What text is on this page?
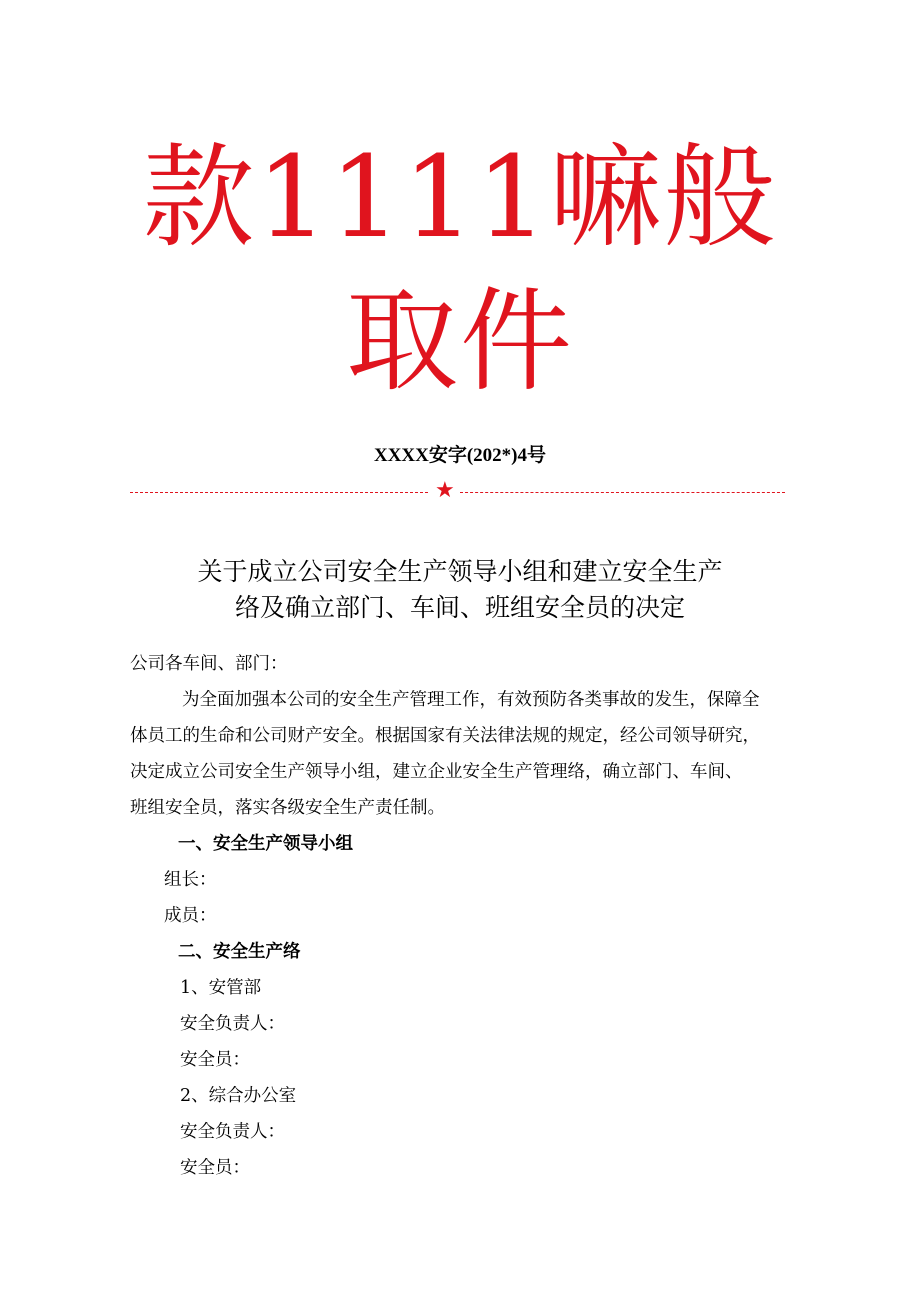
款1111嘛般
取件
XXXX安字(202*)4号
★
关于成立公司安全生产领导小组和建立安全生产
络及确立部门、车间、班组安全员的决定
公司各车间、部门：
为全面加强本公司的安全生产管理工作，有效预防各类事故的发生，保障全
体员工的生命和公司财产安全。根据国家有关法律法规的规定，经公司领导研究，
决定成立公司安全生产领导小组，建立企业安全生产管理络，确立部门、车间、
班组安全员，落实各级安全生产责任制。
一、安全生产领导小组
组长：
成员：
二、安全生产络
1、安管部
安全负责人：
安全员：
2、综合办公室
安全负责人：
安全员：
